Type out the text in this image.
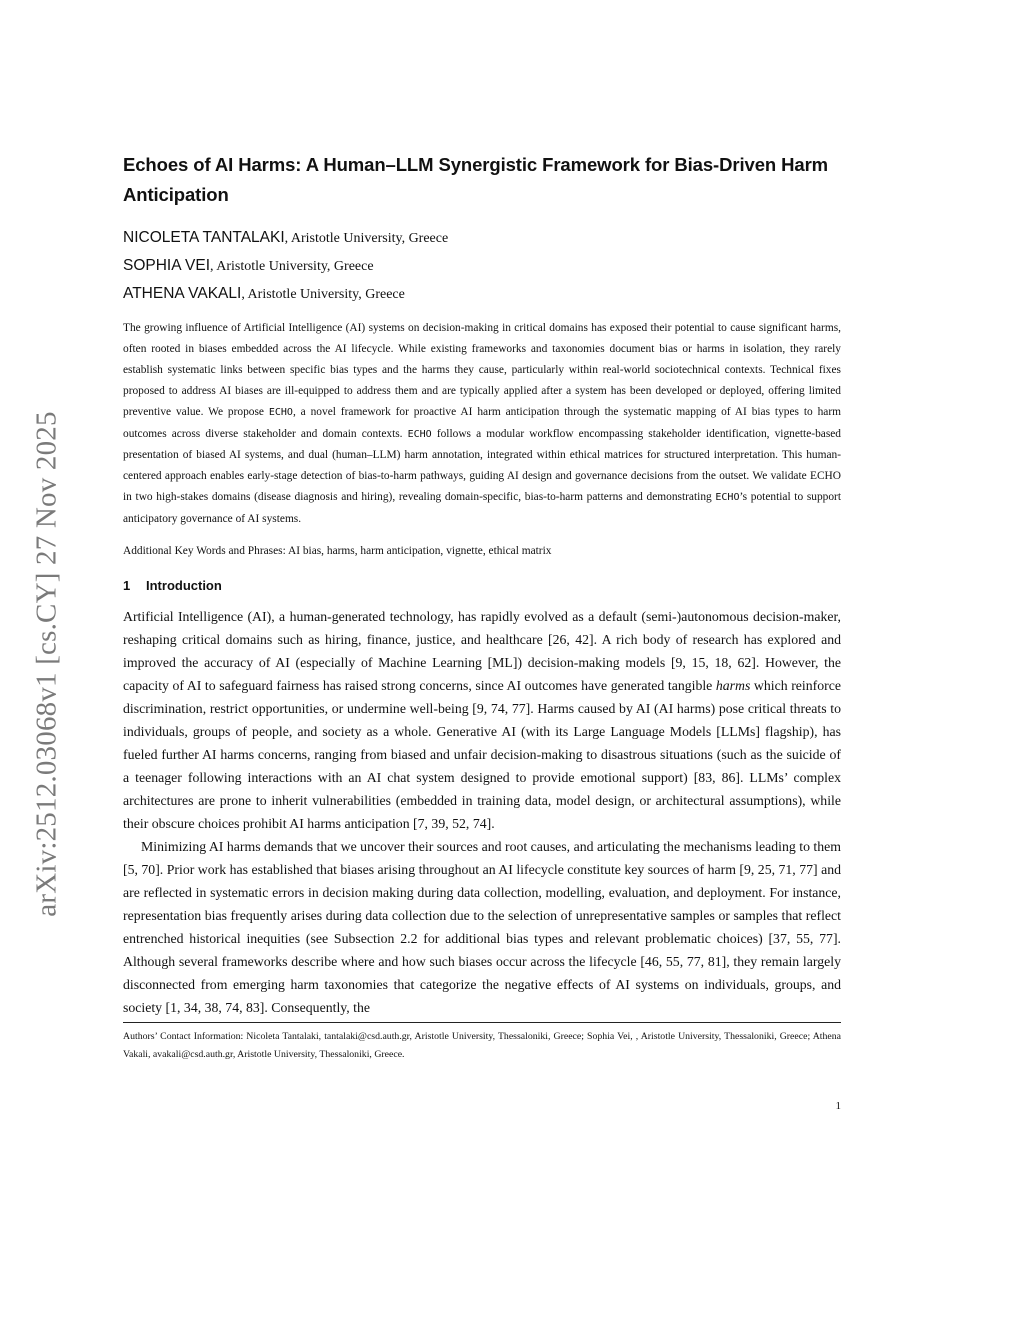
arXiv:2512.03068v1 [cs.CY] 27 Nov 2025
Echoes of AI Harms: A Human–LLM Synergistic Framework for Bias-Driven Harm Anticipation
NICOLETA TANTALAKI, Aristotle University, Greece
SOPHIA VEI, Aristotle University, Greece
ATHENA VAKALI, Aristotle University, Greece

The growing influence of Artificial Intelligence (AI) systems on decision-making in critical domains has exposed their potential to cause significant harms, often rooted in biases embedded across the AI lifecycle. While existing frameworks and taxonomies document bias or harms in isolation, they rarely establish systematic links between specific bias types and the harms they cause, particularly within real-world sociotechnical contexts. Technical fixes proposed to address AI biases are ill-equipped to address them and are typically applied after a system has been developed or deployed, offering limited preventive value. We propose ECHO, a novel framework for proactive AI harm anticipation through the systematic mapping of AI bias types to harm outcomes across diverse stakeholder and domain contexts. ECHO follows a modular workflow encompassing stakeholder identification, vignette-based presentation of biased AI systems, and dual (human–LLM) harm annotation, integrated within ethical matrices for structured interpretation. This human-centered approach enables early-stage detection of bias-to-harm pathways, guiding AI design and governance decisions from the outset. We validate ECHO in two high-stakes domains (disease diagnosis and hiring), revealing domain-specific, bias-to-harm patterns and demonstrating ECHO’s potential to support anticipatory governance of AI systems.

Additional Key Words and Phrases: AI bias, harms, harm anticipation, vignette, ethical matrix
1 Introduction

Artificial Intelligence (AI), a human-generated technology, has rapidly evolved as a default (semi-)autonomous decision-maker, reshaping critical domains such as hiring, finance, justice, and healthcare [26, 42]. A rich body of research has explored and improved the accuracy of AI (especially of Machine Learning [ML]) decision-making models [9, 15, 18, 62]. However, the capacity of AI to safeguard fairness has raised strong concerns, since AI outcomes have generated tangible harms which reinforce discrimination, restrict opportunities, or undermine well-being [9, 74, 77]. Harms caused by AI (AI harms) pose critical threats to individuals, groups of people, and society as a whole. Generative AI (with its Large Language Models [LLMs] flagship), has fueled further AI harms concerns, ranging from biased and unfair decision-making to disastrous situations (such as the suicide of a teenager following interactions with an AI chat system designed to provide emotional support) [83, 86]. LLMs’ complex architectures are prone to inherit vulnerabilities (embedded in training data, model design, or architectural assumptions), while their obscure choices prohibit AI harms anticipation [7, 39, 52, 74].

Minimizing AI harms demands that we uncover their sources and root causes, and articulating the mechanisms leading to them [5, 70]. Prior work has established that biases arising throughout an AI lifecycle constitute key sources of harm [9, 25, 71, 77] and are reflected in systematic errors in decision making during data collection, modelling, evaluation, and deployment. For instance, representation bias frequently arises during data collection due to the selection of unrepresentative samples or samples that reflect entrenched historical inequities (see Subsection 2.2 for additional bias types and relevant problematic choices) [37, 55, 77]. Although several frameworks describe where and how such biases occur across the lifecycle [46, 55, 77, 81], they remain largely disconnected from emerging harm taxonomies that categorize the negative effects of AI systems on individuals, groups, and society [1, 34, 38, 74, 83]. Consequently, the

Authors’ Contact Information: Nicoleta Tantalaki, tantalaki@csd.auth.gr, Aristotle University, Thessaloniki, Greece; Sophia Vei, , Aristotle University, Thessaloniki, Greece; Athena Vakali, avakali@csd.auth.gr, Aristotle University, Thessaloniki, Greece.
1
